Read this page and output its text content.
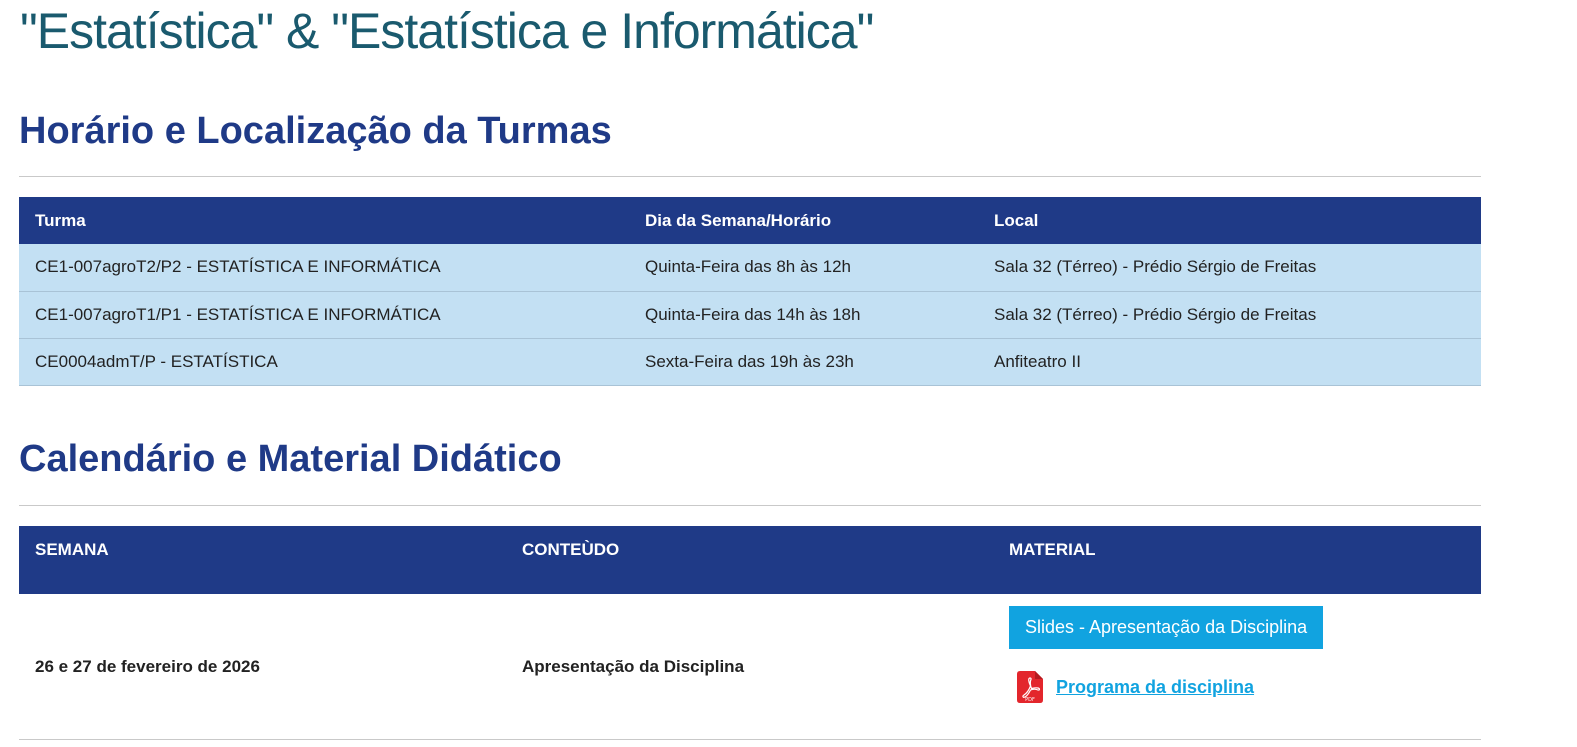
"Estatística" & "Estatística e Informática"
Horário e Localização da Turmas
Turma	Dia da Semana/Horário	Local
CE1-007agroT2/P2 - ESTATÍSTICA E INFORMÁTICA	Quinta-Feira das 8h às 12h	Sala 32 (Térreo) - Prédio Sérgio de Freitas
CE1-007agroT1/P1 - ESTATÍSTICA E INFORMÁTICA	Quinta-Feira das 14h às 18h	Sala 32 (Térreo) - Prédio Sérgio de Freitas
CE0004admT/P - ESTATÍSTICA	Sexta-Feira das 19h às 23h	Anfiteatro II
Calendário e Material Didático
SEMANA	CONTEÙDO	MATERIAL
26 e 27 de fevereiro de 2026	Apresentação da Disciplina	Slides - Apresentação da Disciplina
PDF
Programa da disciplina
